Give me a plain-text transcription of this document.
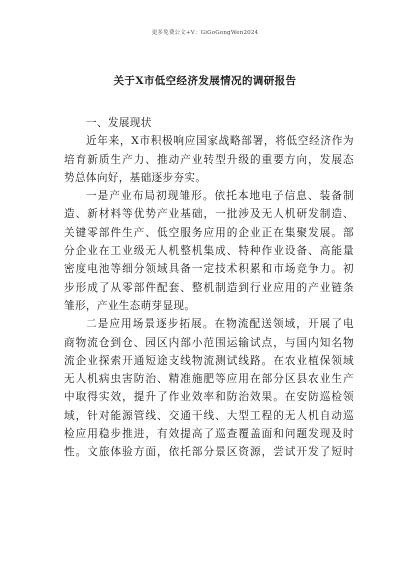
更多免费公文+V：GiGoGongWen2024
关于X市低空经济发展情况的调研报告
一、发展现状
近年来，X市积极响应国家战略部署，将低空经济作为
培育新质生产力、推动产业转型升级的重要方向，发展态
势总体向好，基础逐步夯实。
一是产业布局初现雏形。依托本地电子信息、装备制
造、新材料等优势产业基础，一批涉及无人机研发制造、
关键零部件生产、低空服务应用的企业正在集聚发展。部
分企业在工业级无人机整机集成、特种作业设备、高能量
密度电池等细分领域具备一定技术积累和市场竞争力。初
步形成了从零部件配套、整机制造到行业应用的产业链条
雏形，产业生态萌芽显现。
二是应用场景逐步拓展。在物流配送领域，开展了电
商物流仓到仓、园区内部小范围运输试点，与国内知名物
流企业探索开通短途支线物流测试线路。在农业植保领域
无人机病虫害防治、精准施肥等应用在部分区县农业生产
中取得实效，提升了作业效率和防治效果。在安防巡检领
域，针对能源管线、交通干线、大型工程的无人机自动巡
检应用稳步推进，有效提高了巡查覆盖面和问题发现及时
性。文旅体验方面，依托部分景区资源，尝试开发了短时
